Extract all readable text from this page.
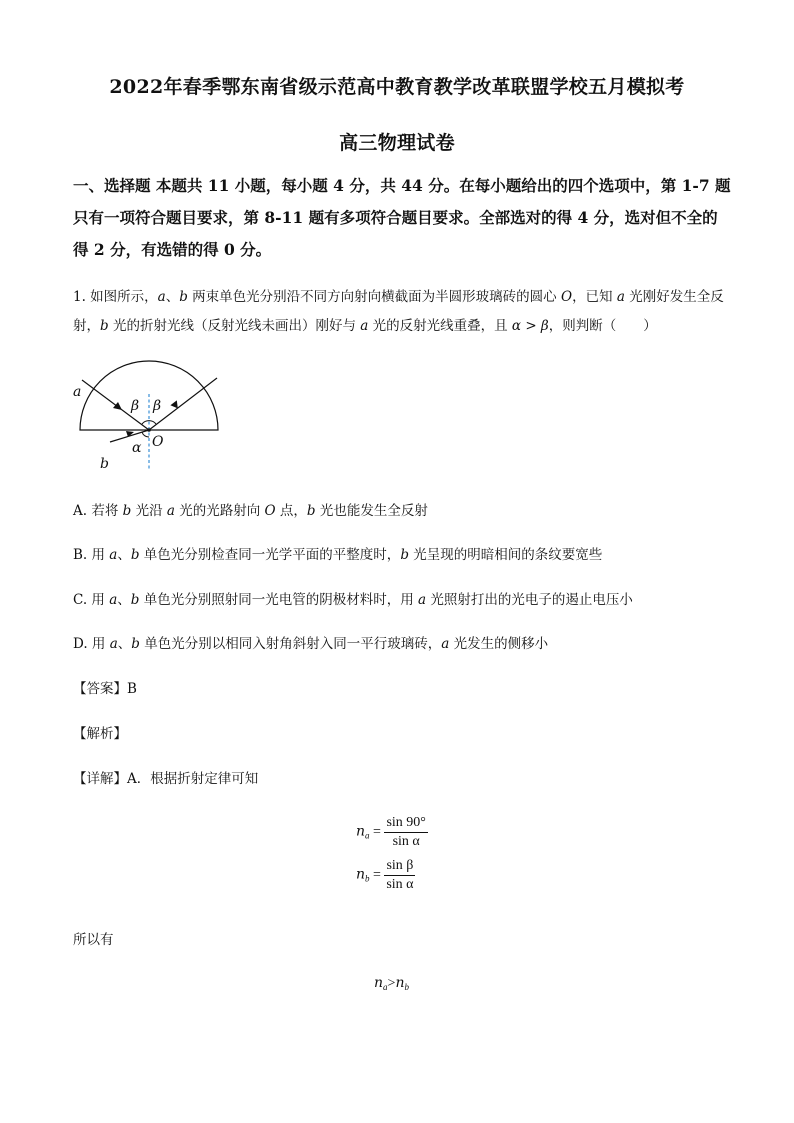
2022年春季鄂东南省级示范高中教育教学改革联盟学校五月模拟考
高三物理试卷
一、选择题 本题共 11 小题，每小题 4 分，共 44 分。在每小题给出的四个选项中，第 1-7 题只有一项符合题目要求，第 8-11 题有多项符合题目要求。全部选对的得 4 分，选对但不全的得 2 分，有选错的得 0 分。
1. 如图所示，a、b 两束单色光分别沿不同方向射向横截面为半圆形玻璃砖的圆心 O，已知 a 光刚好发生全反射，b 光的折射光线（反射光线未画出）刚好与 a 光的反射光线重叠，且 α > β，则判断（　　）
a
β β
O
α
b
A. 若将 b 光沿 a 光的光路射向 O 点，b 光也能发生全反射
B. 用 a、b 单色光分别检查同一光学平面的平整度时，b 光呈现的明暗相间的条纹要宽些
C. 用 a、b 单色光分别照射同一光电管的阴极材料时，用 a 光照射打出的光电子的遏止电压小
D. 用 a、b 单色光分别以相同入射角斜射入同一平行玻璃砖，a 光发生的侧移小
【答案】B
【解析】
【详解】A．根据折射定律可知
$n_a = \frac{\sin 90^\circ}{\text{sin α}}$
$n_b = \frac{\text{sin β}}{\text{sin α}}$
所以有
$n_a>n_b$
